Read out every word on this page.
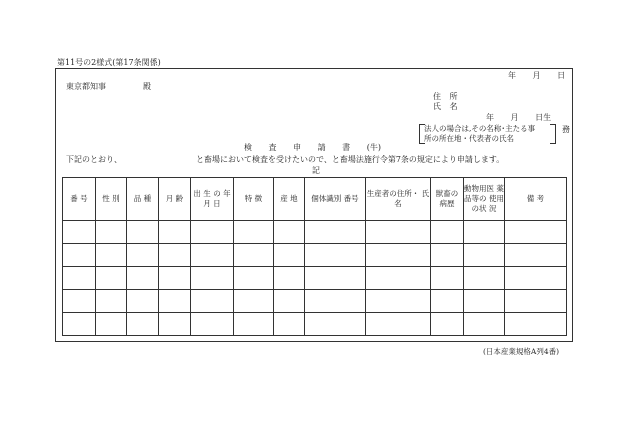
第11号の2様式(第17条関係)
年 月 日
東京都知事	殿
住 所
氏 名
年 月 日生
法人の場合は,その名称･主たる事
所の所在地・代表者の氏名
務
検 査 申 請 書 (牛)
下記のとおり、	と畜場において検査を受けたいので、と畜場法施行令第7条の規定により申請します。
記
番 号	性 別	品 種	月 齢	出 生 の 年 月 日	特 徴	産 地	個体識別 番号	生産者の住所・ 氏名	獣畜の 病歴	動物用医 薬品等の 使用の状 況	備 考

(日本産業規格A列4番)
